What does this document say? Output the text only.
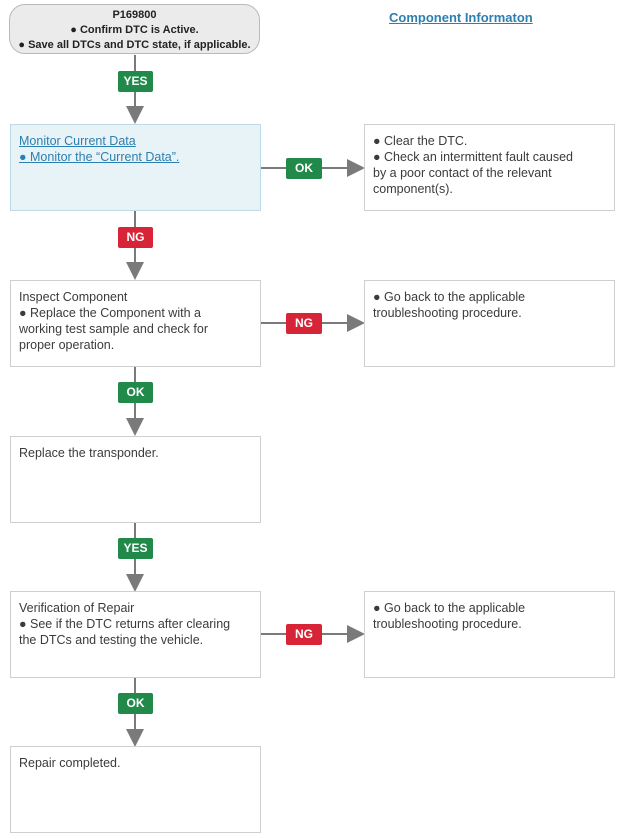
P169800
● Confirm DTC is Active.
● Save all DTCs and DTC state, if applicable.
Component Informaton
YES
Monitor Current Data
● Monitor the “Current Data”.
OK
● Clear the DTC.
● Check an intermittent fault caused
by a poor contact of the relevant
component(s).
NG
Inspect Component
● Replace the Component with a
working test sample and check for
proper operation.
NG
● Go back to the applicable
troubleshooting procedure.
OK
Replace the transponder.
YES
Verification of Repair
● See if the DTC returns after clearing
the DTCs and testing the vehicle.	NG
● Go back to the applicable
troubleshooting procedure.
OK
Repair completed.
